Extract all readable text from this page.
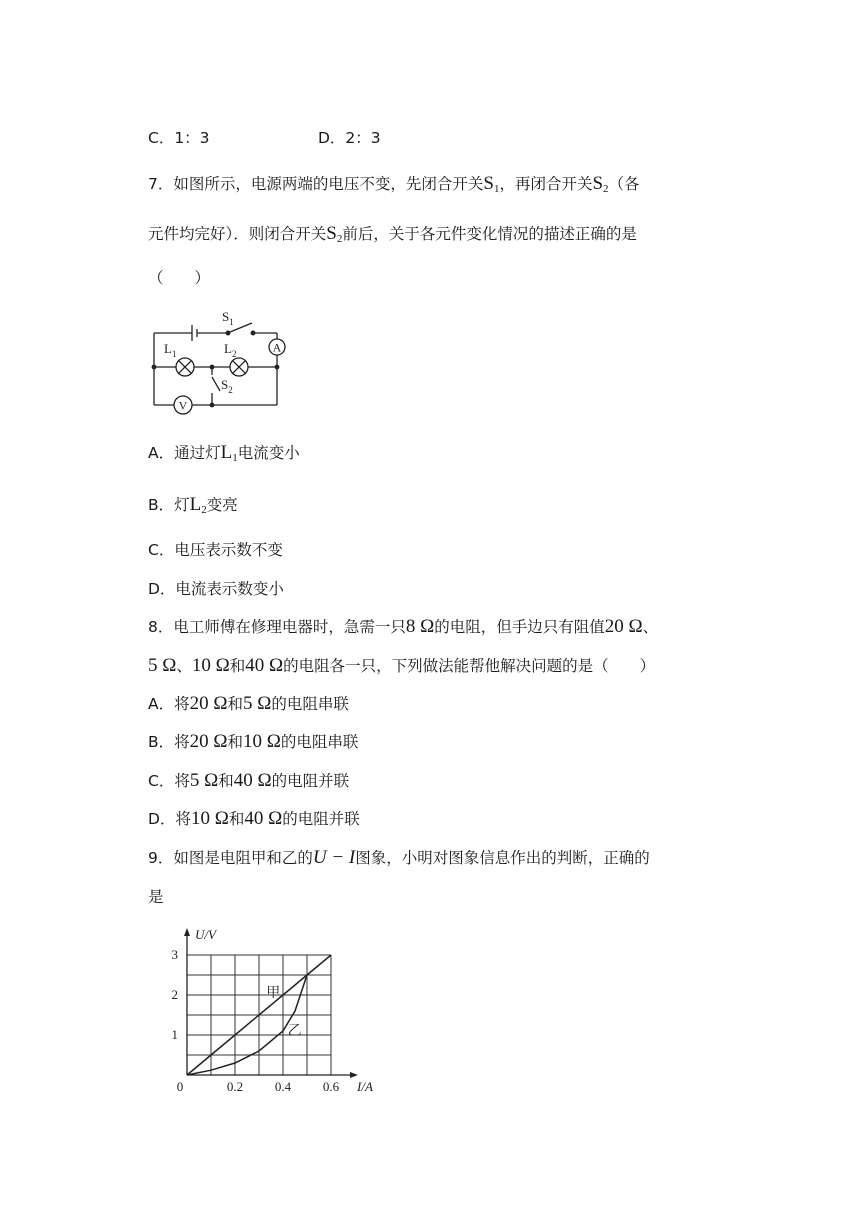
C．1：3	D．2：3
7．如图所示，电源两端的电压不变，先闭合开关$S_1$，再闭合开关$S_2$（各
元件均完好）．则闭合开关$S_2$前后，关于各元件变化情况的描述正确的是
（　　）
A
V
$S_1$
$L_1$	$L_2$
$S_2$
A．通过灯$L_1$电流变小
B．灯$L_2$变亮
C．电压表示数不变
D．电流表示数变小
8．电工师傅在修理电器时，急需一只8 Ω的电阻，但手边只有阻值20 Ω、
5 Ω、10 Ω和40 Ω的电阻各一只，下列做法能帮他解决问题的是（　　）
A．将20 Ω和5 Ω的电阻串联
B．将20 Ω和10 Ω的电阻串联
C．将5 Ω和40 Ω的电阻并联
D．将10 Ω和40 Ω的电阻并联
9．如图是电阻甲和乙的U − I图象，小明对图象信息作出的判断，正确的
是
0	0.2 0.4 0.6
1
2
3
I/A
U/V
甲
乙
